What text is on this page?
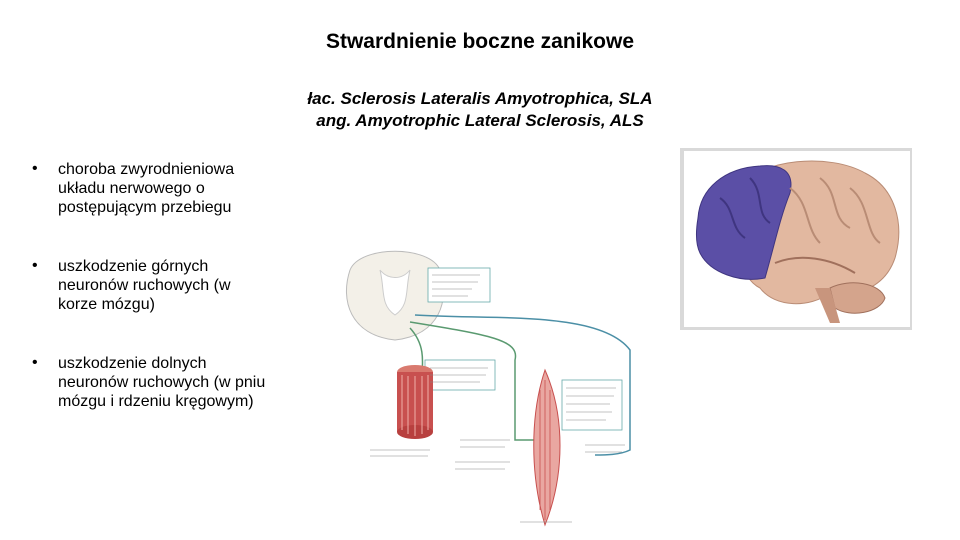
Stwardnienie boczne zanikowe
łac. Sclerosis Lateralis Amyotrophica, SLA
ang. Amyotrophic Lateral Sclerosis, ALS
• choroba zwyrodnieniowa układu nerwowego o postępującym przebiegu
• uszkodzenie górnych neuronów ruchowych (w korze mózgu)
• uszkodzenie dolnych neuronów ruchowych (w pniu mózgu i rdzeniu kręgowym)
